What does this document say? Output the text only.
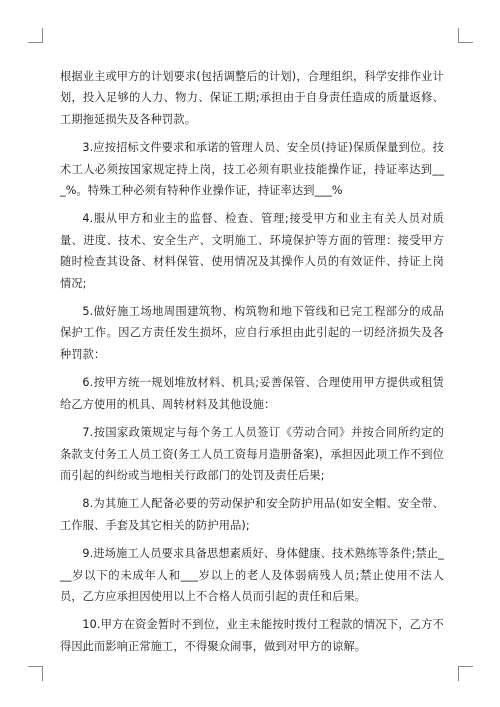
根据业主或甲方的计划要求(包括调整后的计划)，合理组织，科学安排作业计划，投入足够的人力、物力、保证工期;承担由于自身责任造成的质量返修、工期拖延损失及各种罚款。

3.应按招标文件要求和承诺的管理人员、安全员(持证)保质保量到位。技术工人必须按国家规定持上岗，技工必须有职业技能操作证，持证率达到___%。特殊工种必须有特种作业操作证，持证率达到___%

4.服从甲方和业主的监督、检查、管理;接受甲方和业主有关人员对质量、进度、技术、安全生产、文明施工、环境保护等方面的管理：接受甲方随时检查其设备、材料保管、使用情况及其操作人员的有效证件、持证上岗情况;

5.做好施工场地周围建筑物、构筑物和地下管线和已完工程部分的成品保护工作。因乙方责任发生损坏，应自行承担由此引起的一切经济损失及各种罚款：

6.按甲方统一规划堆放材料、机具;妥善保管、合理使用甲方提供或租赁给乙方使用的机具、周转材料及其他设施：

7.按国家政策规定与每个务工人员签订《劳动合同》并按合同所约定的条款支付务工人员工资(务工人员工资每月造册备案)，承担因此项工作不到位而引起的纠纷或当地相关行政部门的处罚及责任后果;

8.为其施工人配备必要的劳动保护和安全防护用品(如安全帽、安全带、工作服、手套及其它相关的防护用品);

9.进场施工人员要求具备思想素质好、身体健康、技术熟练等条件;禁止___岁以下的未成年人和___岁以上的老人及体弱病残人员;禁止使用不法人员，乙方应承担因使用以上不合格人员而引起的责任和后果。

10.甲方在资金暂时不到位，业主未能按时拨付工程款的情况下，乙方不得因此而影响正常施工，不得聚众闹事，做到对甲方的谅解。
